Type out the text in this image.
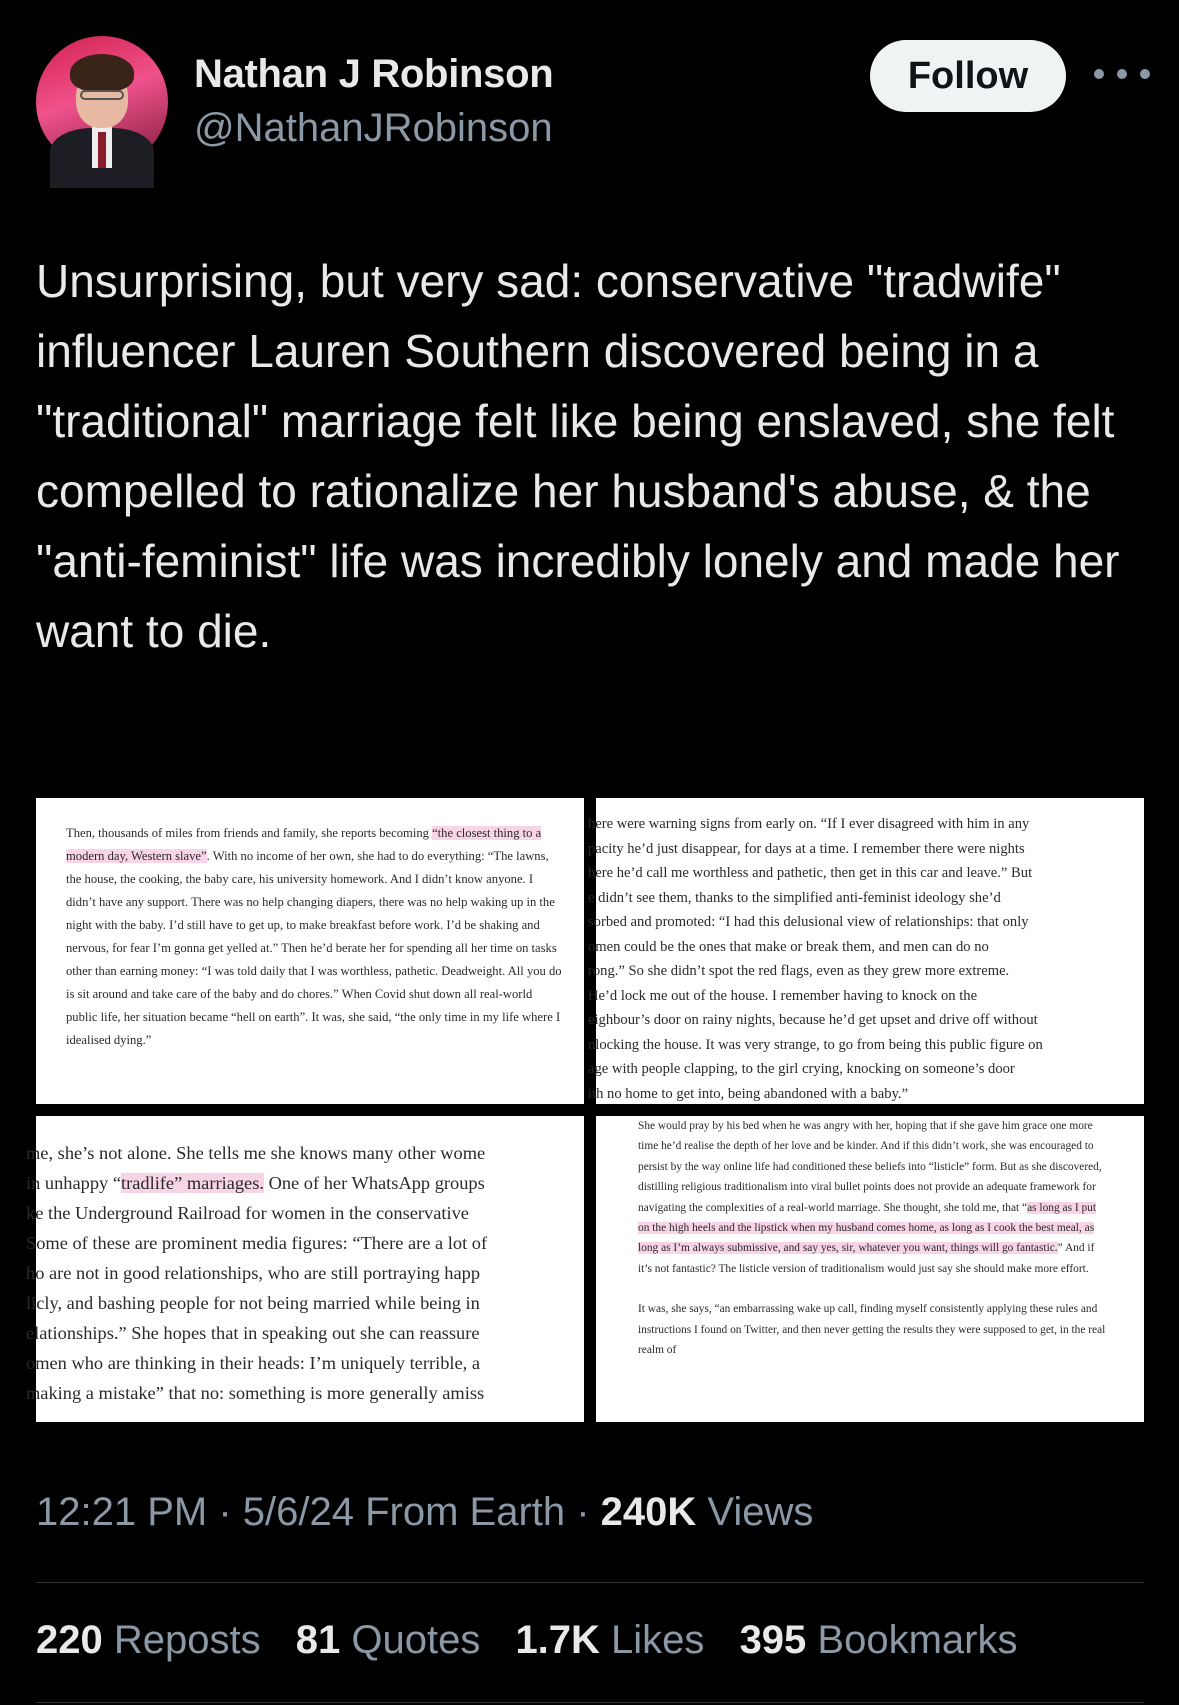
Nathan J Robinson
@NathanJRobinson
Follow
Unsurprising, but very sad: conservative "tradwife" influencer Lauren Southern discovered being in a "traditional" marriage felt like being enslaved, she felt compelled to rationalize her husband's abuse, & the "anti-feminist" life was incredibly lonely and made her want to die.
Then, thousands of miles from friends and family, she reports becoming “the closest thing to a modern day, Western slave”. With no income of her own, she had to do everything: “The lawns, the house, the cooking, the baby care, his university homework. And I didn’t know anyone. I didn’t have any support. There was no help changing diapers, there was no help waking up in the night with the baby. I’d still have to get up, to make breakfast before work. I’d be shaking and nervous, for fear I’m gonna get yelled at.” Then he’d berate her for spending all her time on tasks other than earning money: “I was told daily that I was worthless, pathetic. Deadweight. All you do is sit around and take care of the baby and do chores.” When Covid shut down all real-world public life, her situation became “hell on earth”. It was, she said, “the only time in my life where I idealised dying.”
here were warning signs from early on. “If I ever disagreed with him in any
pacity he’d just disappear, for days at a time. I remember there were nights
here he’d call me worthless and pathetic, then get in this car and leave.” But
e didn’t see them, thanks to the simplified anti-feminist ideology she’d
sorbed and promoted: “I had this delusional view of relationships: that only
omen could be the ones that make or break them, and men can do no
rong.” So she didn’t spot the red flags, even as they grew more extreme.
He’d lock me out of the house. I remember having to knock on the
eighbour’s door on rainy nights, because he’d get upset and drive off without
nlocking the house. It was very strange, to go from being this public figure on
age with people clapping, to the girl crying, knocking on someone’s door
ith no home to get into, being abandoned with a baby.”
me, she’s not alone. She tells me she knows many other wome
in unhappy “tradlife” marriages. One of her WhatsApp groups
ke the Underground Railroad for women in the conservative
Some of these are prominent media figures: “There are a lot of
ho are not in good relationships, who are still portraying happ
licly, and bashing people for not being married while being in
elationships.” She hopes that in speaking out she can reassure
omen who are thinking in their heads: I’m uniquely terrible, a
making a mistake” that no: something is more generally amiss
She would pray by his bed when he was angry with her, hoping that if she gave him grace one more time he’d realise the depth of her love and be kinder. And if this didn’t work, she was encouraged to persist by the way online life had conditioned these beliefs into “listicle” form. But as she discovered, distilling religious traditionalism into viral bullet points does not provide an adequate framework for navigating the complexities of a real-world marriage. She thought, she told me, that “as long as I put on the high heels and the lipstick when my husband comes home, as long as I cook the best meal, as long as I’m always submissive, and say yes, sir, whatever you want, things will go fantastic.” And if it’s not fantastic? The listicle version of traditionalism would just say she should make more effort.
It was, she says, “an embarrassing wake up call, finding myself consistently applying these rules and instructions I found on Twitter, and then never getting the results they were supposed to get, in the real realm of
12:21 PM · 5/6/24 From Earth · 240K Views
220 Reposts 81 Quotes 1.7K Likes 395 Bookmarks
